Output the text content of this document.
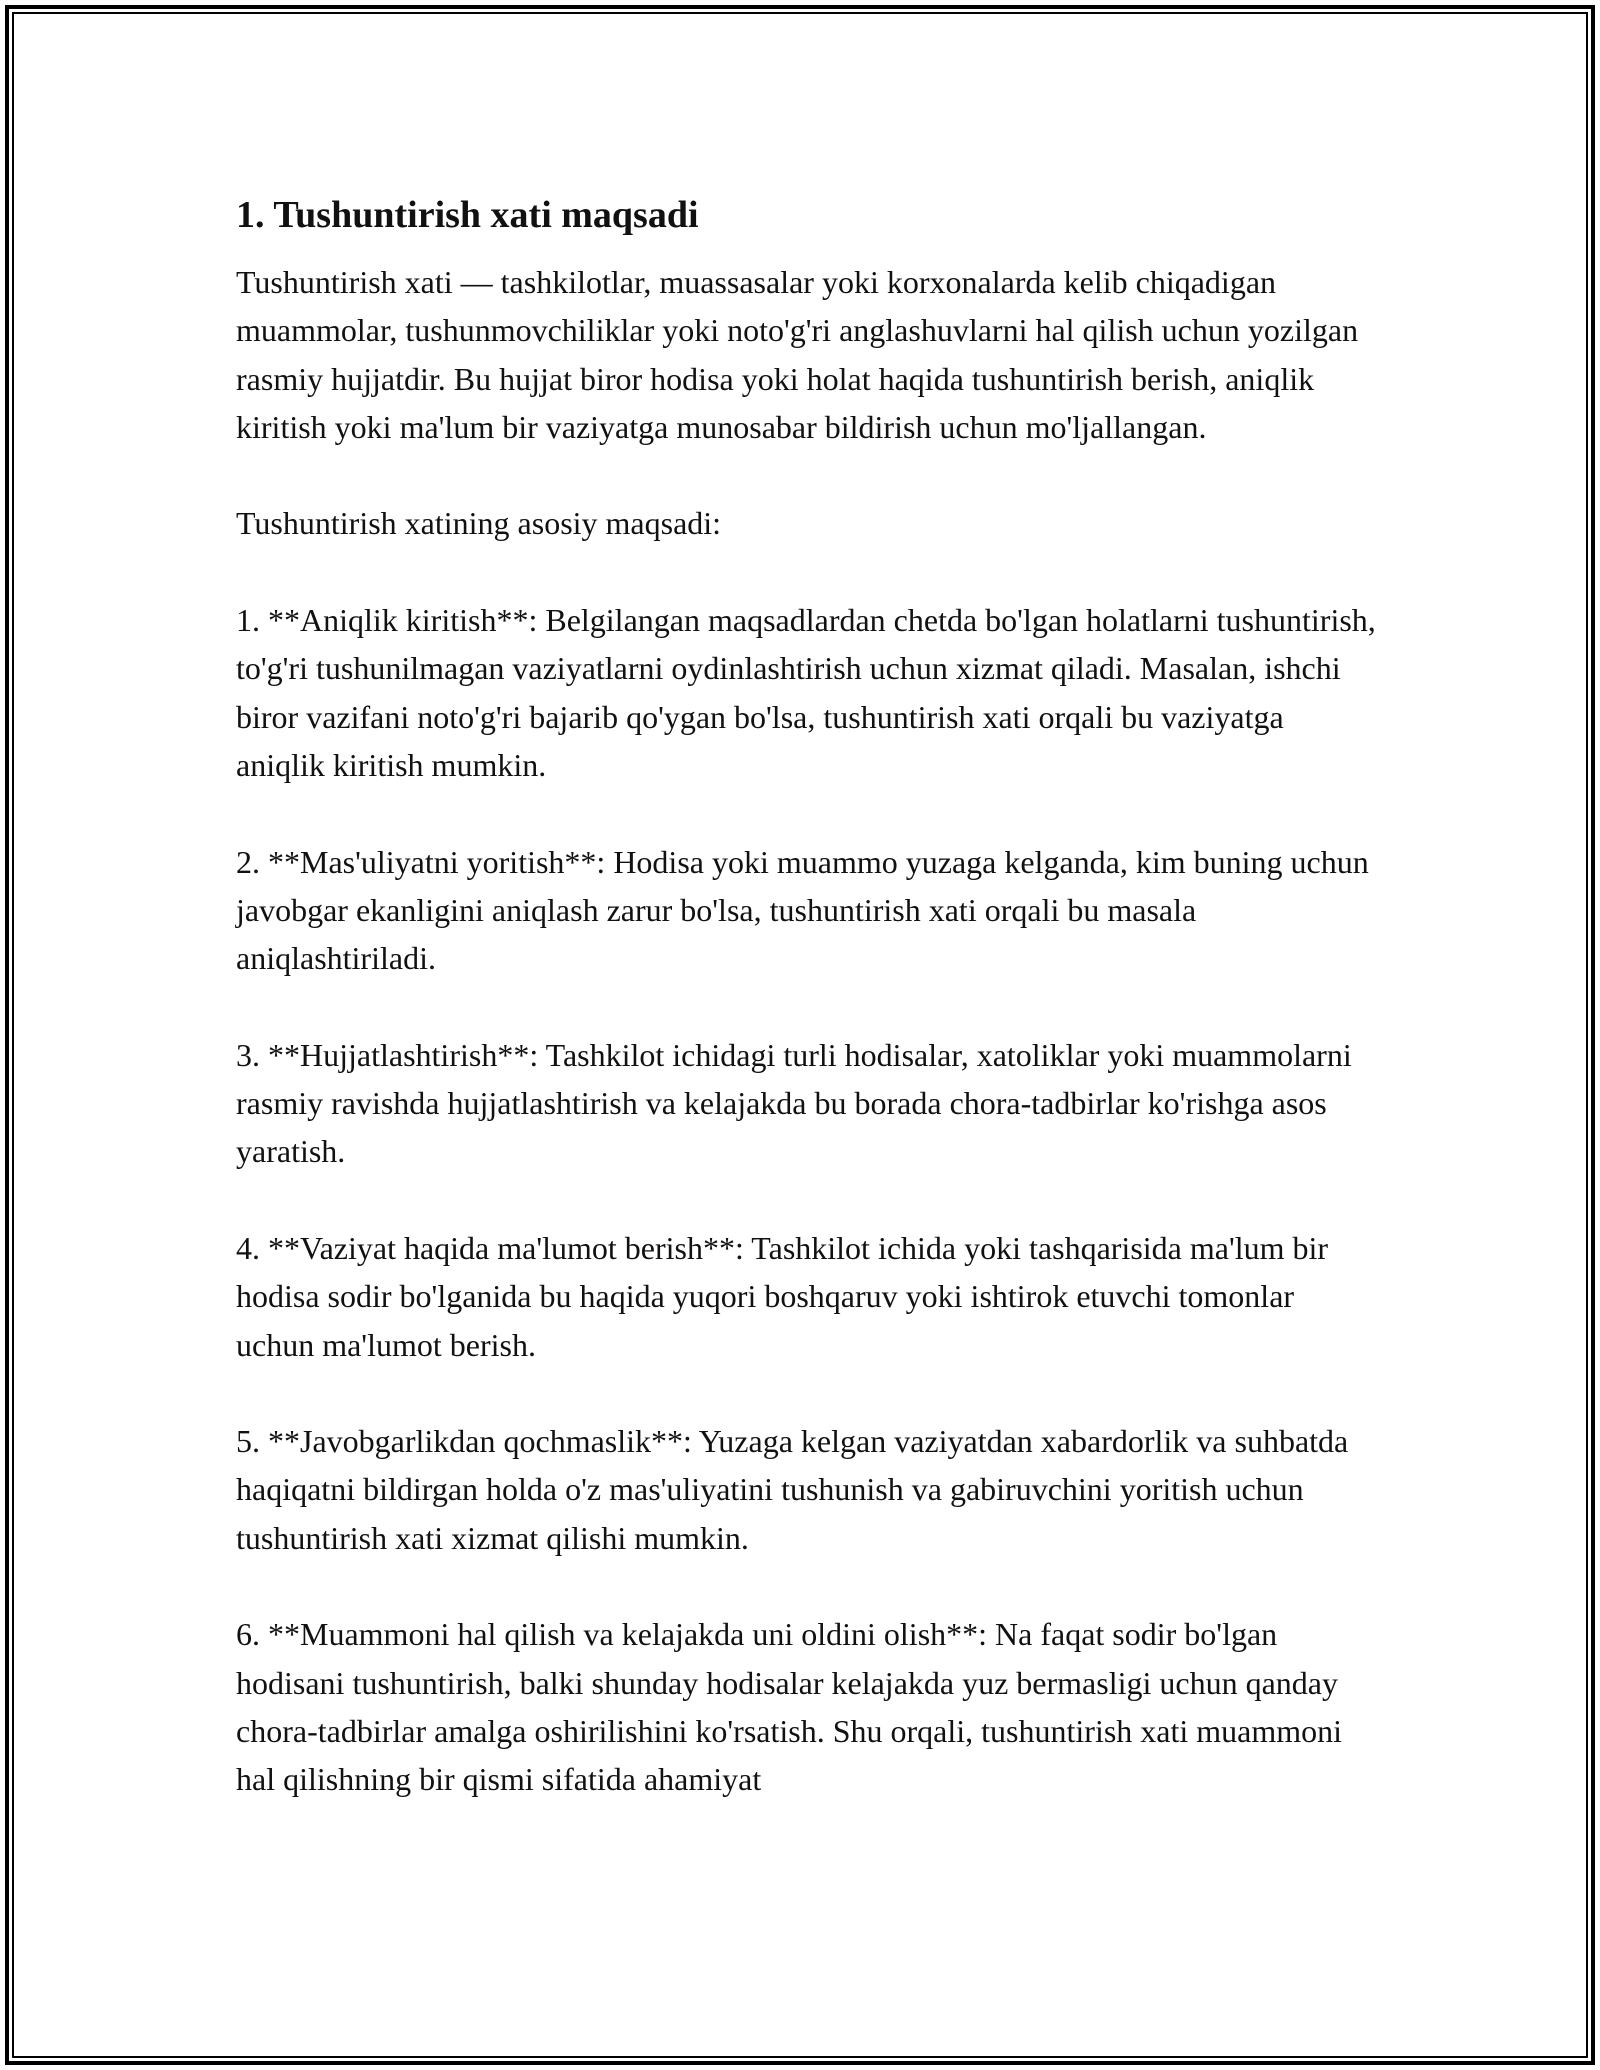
1. Tushuntirish xati maqsadi

Tushuntirish xati — tashkilotlar, muassasalar yoki korxonalarda kelib chiqadigan muammolar, tushunmovchiliklar yoki noto'g'ri anglashuvlarni hal qilish uchun yozilgan rasmiy hujjatdir. Bu hujjat biror hodisa yoki holat haqida tushuntirish berish, aniqlik kiritish yoki ma'lum bir vaziyatga munosabar bildirish uchun mo'ljallangan.

Tushuntirish xatining asosiy maqsadi:

1. **Aniqlik kiritish**: Belgilangan maqsadlardan chetda bo'lgan holatlarni tushuntirish, to'g'ri tushunilmagan vaziyatlarni oydinlashtirish uchun xizmat qiladi. Masalan, ishchi biror vazifani noto'g'ri bajarib qo'ygan bo'lsa, tushuntirish xati orqali bu vaziyatga aniqlik kiritish mumkin.

2. **Mas'uliyatni yoritish**: Hodisa yoki muammo yuzaga kelganda, kim buning uchun javobgar ekanligini aniqlash zarur bo'lsa, tushuntirish xati orqali bu masala aniqlashtiriladi.

3. **Hujjatlashtirish**: Tashkilot ichidagi turli hodisalar, xatoliklar yoki muammolarni rasmiy ravishda hujjatlashtirish va kelajakda bu borada chora-tadbirlar ko'rishga asos yaratish.

4. **Vaziyat haqida ma'lumot berish**: Tashkilot ichida yoki tashqarisida ma'lum bir hodisa sodir bo'lganida bu haqida yuqori boshqaruv yoki ishtirok etuvchi tomonlar uchun ma'lumot berish.

5. **Javobgarlikdan qochmaslik**: Yuzaga kelgan vaziyatdan xabardorlik va suhbatda haqiqatni bildirgan holda o'z mas'uliyatini tushunish va gabiruvchini yoritish uchun tushuntirish xati xizmat qilishi mumkin.

6. **Muammoni hal qilish va kelajakda uni oldini olish**: Na faqat sodir bo'lgan hodisani tushuntirish, balki shunday hodisalar kelajakda yuz bermasligi uchun qanday chora-tadbirlar amalga oshirilishini ko'rsatish. Shu orqali, tushuntirish xati muammoni hal qilishning bir qismi sifatida ahamiyat
